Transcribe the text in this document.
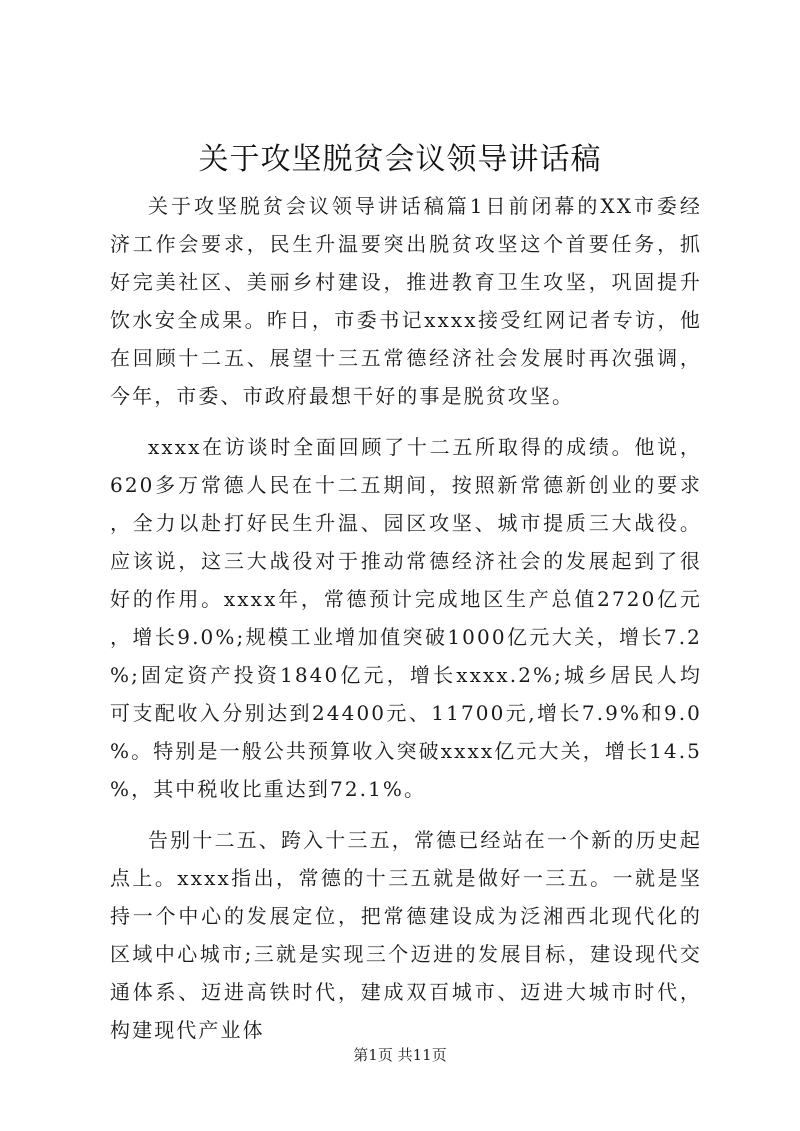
关于攻坚脱贫会议领导讲话稿

关于攻坚脱贫会议领导讲话稿篇1日前闭幕的XX市委经济工作会要求，民生升温要突出脱贫攻坚这个首要任务，抓好完美社区、美丽乡村建设，推进教育卫生攻坚，巩固提升饮水安全成果。昨日，市委书记xxxx接受红网记者专访，他在回顾十二五、展望十三五常德经济社会发展时再次强调，今年，市委、市政府最想干好的事是脱贫攻坚。

xxxx在访谈时全面回顾了十二五所取得的成绩。他说，620多万常德人民在十二五期间，按照新常德新创业的要求，全力以赴打好民生升温、园区攻坚、城市提质三大战役。应该说，这三大战役对于推动常德经济社会的发展起到了很好的作用。xxxx年，常德预计完成地区生产总值2720亿元，增长9.0%;规模工业增加值突破1000亿元大关，增长7.2%;固定资产投资1840亿元，增长xxxx.2%;城乡居民人均可支配收入分别达到24400元、11700元,增长7.9%和9.0%。特别是一般公共预算收入突破xxxx亿元大关，增长14.5%，其中税收比重达到72.1%。

告别十二五、跨入十三五，常德已经站在一个新的历史起点上。xxxx指出，常德的十三五就是做好一三五。一就是坚持一个中心的发展定位，把常德建设成为泛湘西北现代化的区域中心城市;三就是实现三个迈进的发展目标，建设现代交通体系、迈进高铁时代，建成双百城市、迈进大城市时代，构建现代产业体

第1页 共11页
